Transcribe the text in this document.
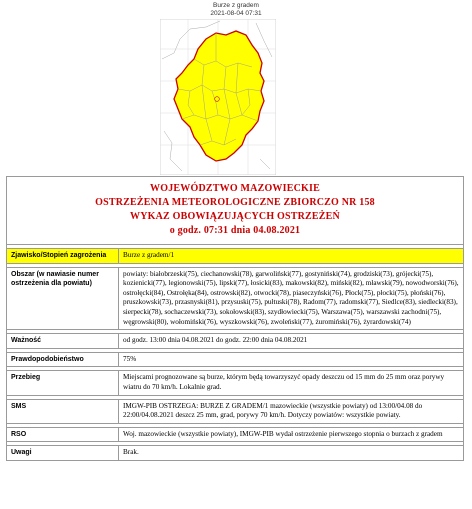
Burze z gradem
2021-08-04 07:31
WOJEWÓDZTWO MAZOWIECKIE
OSTRZEŻENIA METEOROLOGICZNE ZBIORCZO NR 158
WYKAZ OBOWIĄZUJĄCYCH OSTRZEŻEŃ
o godz. 07:31 dnia 04.08.2021	

Zjawisko/Stopień zagrożenia	Burze z gradem/1

Obszar (w nawiasie numer ostrzeżenia dla powiatu)	powiaty: białobrzeski(75), ciechanowski(78), garwoliński(77), gostyniński(74), grodziski(73), grójecki(75), kozienicki(77), legionowski(75), lipski(77), łosicki(83), makowski(82), miński(82), mławski(79), nowodworski(76), ostrołęcki(84), Ostrołęka(84), ostrowski(82), otwocki(78), piaseczyński(76), Płock(75), płocki(75), płoński(76), pruszkowski(73), przasnyski(81), przysuski(75), pułtuski(78), Radom(77), radomski(77), Siedlce(83), siedlecki(83), sierpecki(78), sochaczewski(73), sokołowski(83), szydłowiecki(75), Warszawa(75), warszawski zachodni(75), węgrowski(80), wołomiński(76), wyszkowski(76), zwoleński(77), żuromiński(76), żyrardowski(74)

Ważność	od godz. 13:00 dnia 04.08.2021 do godz. 22:00 dnia 04.08.2021

Prawdopodobieństwo	75%

Przebieg	Miejscami prognozowane są burze, którym będą towarzyszyć opady deszczu od 15 mm do 25 mm oraz porywy wiatru do 70 km/h. Lokalnie grad.

SMS	IMGW-PIB OSTRZEGA: BURZE Z GRADEM/1 mazowieckie (wszystkie powiaty) od 13:00/04.08 do 22:00/04.08.2021 deszcz 25 mm, grad, porywy 70 km/h. Dotyczy powiatów: wszystkie powiaty.

RSO	Woj. mazowieckie (wszystkie powiaty), IMGW-PIB wydał ostrzeżenie pierwszego stopnia o burzach z gradem

Uwagi	Brak.
